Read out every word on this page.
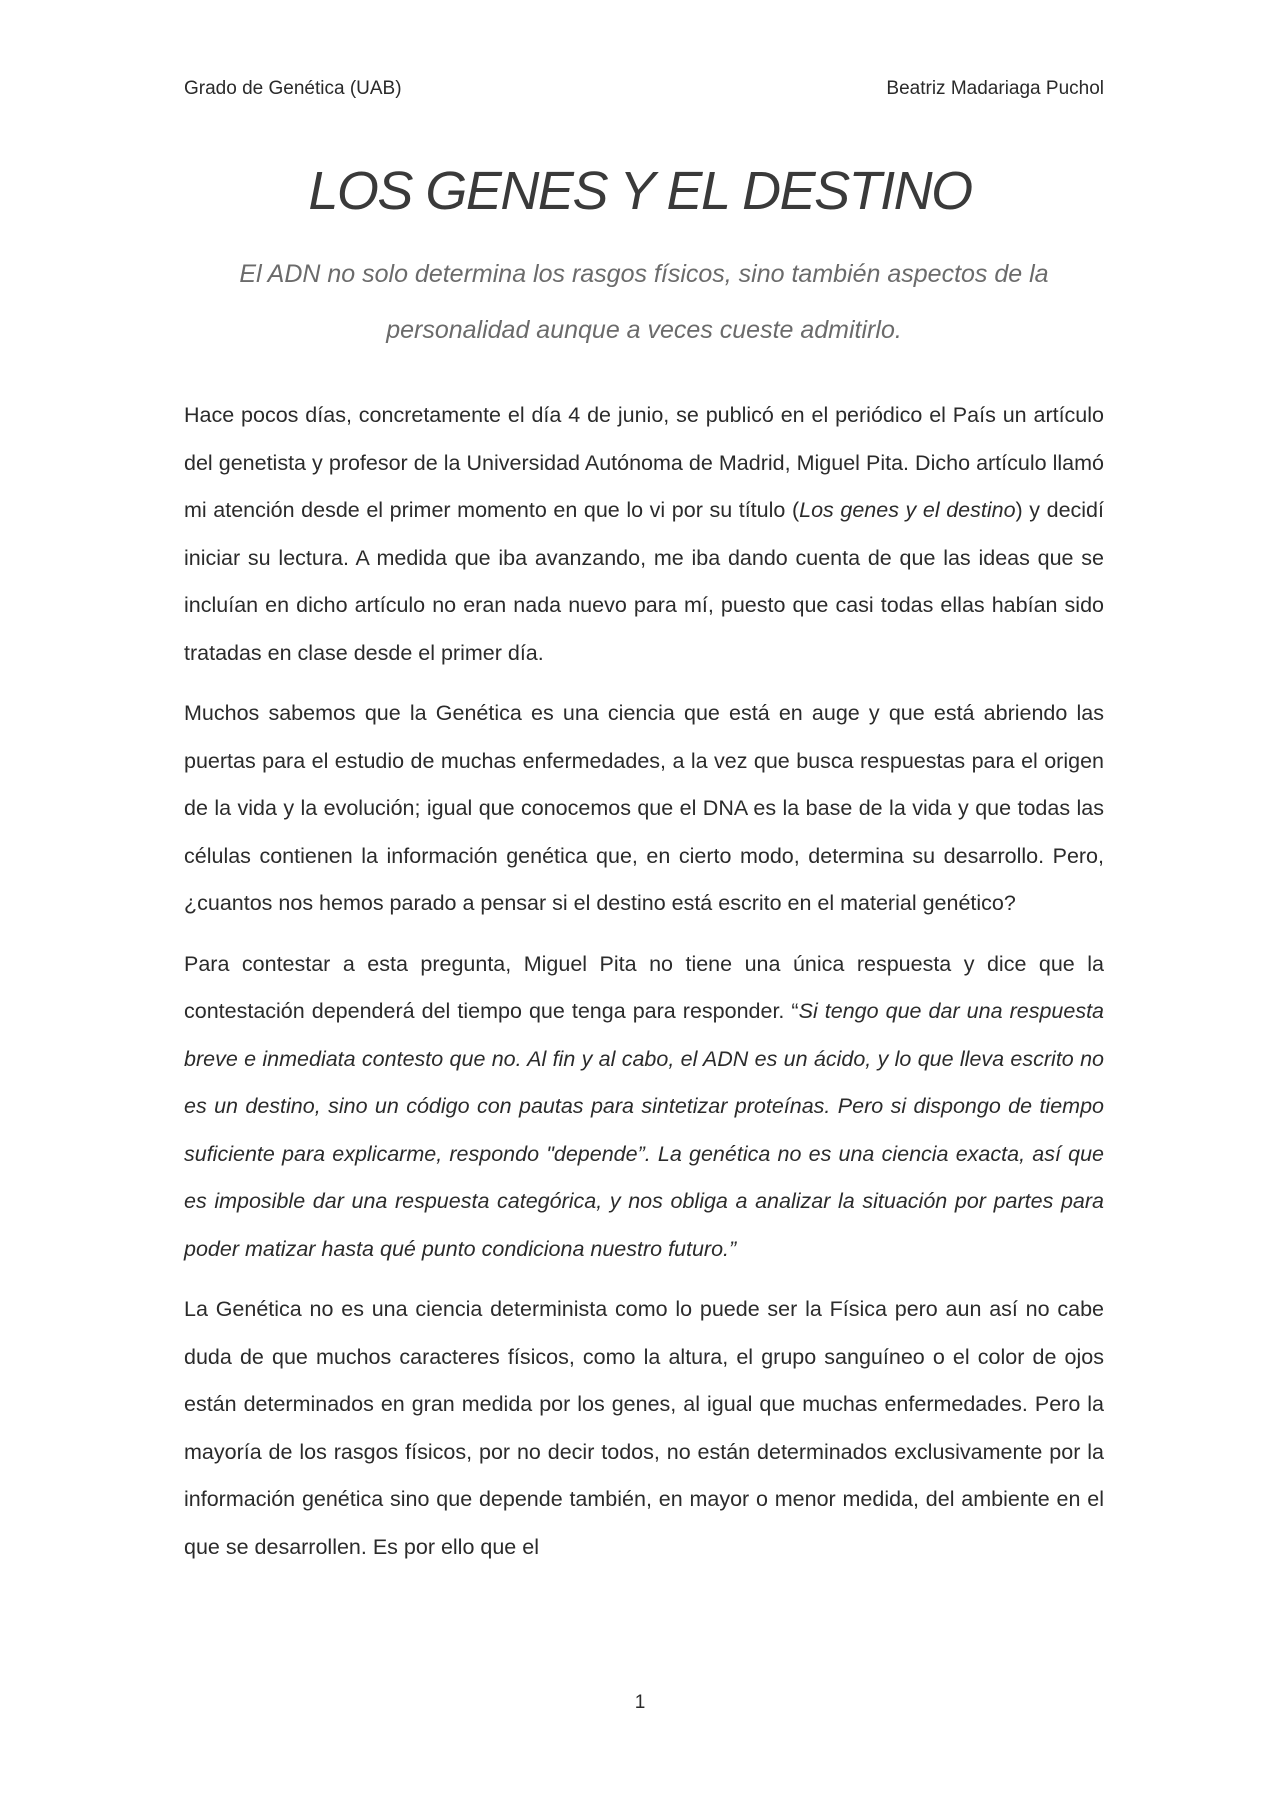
Grado de Genética (UAB)	Beatriz Madariaga Puchol
LOS GENES Y EL DESTINO

El ADN no solo determina los rasgos físicos, sino también aspectos de la personalidad aunque a veces cueste admitirlo.

Hace pocos días, concretamente el día 4 de junio, se publicó en el periódico el País un artículo del genetista y profesor de la Universidad Autónoma de Madrid, Miguel Pita. Dicho artículo llamó mi atención desde el primer momento en que lo vi por su título (Los genes y el destino) y decidí iniciar su lectura. A medida que iba avanzando, me iba dando cuenta de que las ideas que se incluían en dicho artículo no eran nada nuevo para mí, puesto que casi todas ellas habían sido tratadas en clase desde el primer día.

Muchos sabemos que la Genética es una ciencia que está en auge y que está abriendo las puertas para el estudio de muchas enfermedades, a la vez que busca respuestas para el origen de la vida y la evolución; igual que conocemos que el DNA es la base de la vida y que todas las células contienen la información genética que, en cierto modo, determina su desarrollo. Pero, ¿cuantos nos hemos parado a pensar si el destino está escrito en el material genético?

Para contestar a esta pregunta, Miguel Pita no tiene una única respuesta y dice que la contestación dependerá del tiempo que tenga para responder. “Si tengo que dar una respuesta breve e inmediata contesto que no. Al fin y al cabo, el ADN es un ácido, y lo que lleva escrito no es un destino, sino un código con pautas para sintetizar proteínas. Pero si dispongo de tiempo suficiente para explicarme, respondo "depende”. La genética no es una ciencia exacta, así que es imposible dar una respuesta categórica, y nos obliga a analizar la situación por partes para poder matizar hasta qué punto condiciona nuestro futuro.”

La Genética no es una ciencia determinista como lo puede ser la Física pero aun así no cabe duda de que muchos caracteres físicos, como la altura, el grupo sanguíneo o el color de ojos están determinados en gran medida por los genes, al igual que muchas enfermedades. Pero la mayoría de los rasgos físicos, por no decir todos, no están determinados exclusivamente por la información genética sino que depende también, en mayor o menor medida, del ambiente en el que se desarrollen. Es por ello que el

1
